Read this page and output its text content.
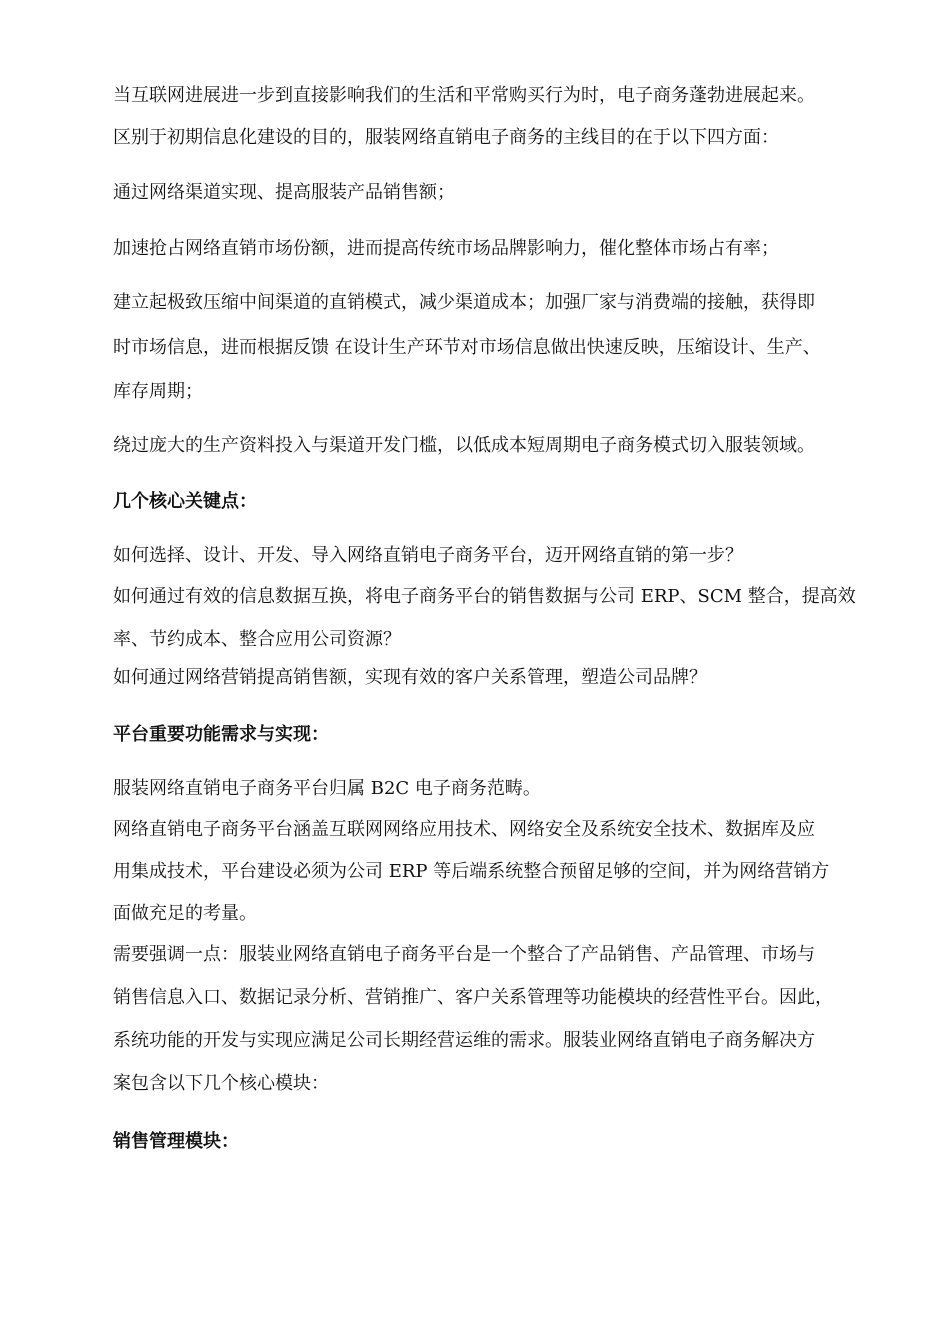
当互联网进展进一步到直接影响我们的生活和平常购买行为时，电子商务蓬勃进展起来。
区别于初期信息化建设的目的，服装网络直销电子商务的主线目的在于以下四方面：
通过网络渠道实现、提高服装产品销售额；
加速抢占网络直销市场份额，进而提高传统市场品牌影响力，催化整体市场占有率；
建立起极致压缩中间渠道的直销模式，减少渠道成本；加强厂家与消费端的接触，获得即
时市场信息，进而根据反馈 在设计生产环节对市场信息做出快速反映，压缩设计、生产、
库存周期；
绕过庞大的生产资料投入与渠道开发门槛，以低成本短周期电子商务模式切入服装领域。
几个核心关键点：
如何选择、设计、开发、导入网络直销电子商务平台，迈开网络直销的第一步？
如何通过有效的信息数据互换，将电子商务平台的销售数据与公司 ERP、SCM 整合，提高效
率、节约成本、整合应用公司资源？
如何通过网络营销提高销售额，实现有效的客户关系管理，塑造公司品牌？
平台重要功能需求与实现：
服装网络直销电子商务平台归属 B2C 电子商务范畴。
网络直销电子商务平台涵盖互联网网络应用技术、网络安全及系统安全技术、数据库及应
用集成技术，平台建设必须为公司 ERP 等后端系统整合预留足够的空间，并为网络营销方
面做充足的考量。
需要强调一点：服装业网络直销电子商务平台是一个整合了产品销售、产品管理、市场与
销售信息入口、数据记录分析、营销推广、客户关系管理等功能模块的经营性平台。因此，
系统功能的开发与实现应满足公司长期经营运维的需求。服装业网络直销电子商务解决方
案包含以下几个核心模块：
销售管理模块：
